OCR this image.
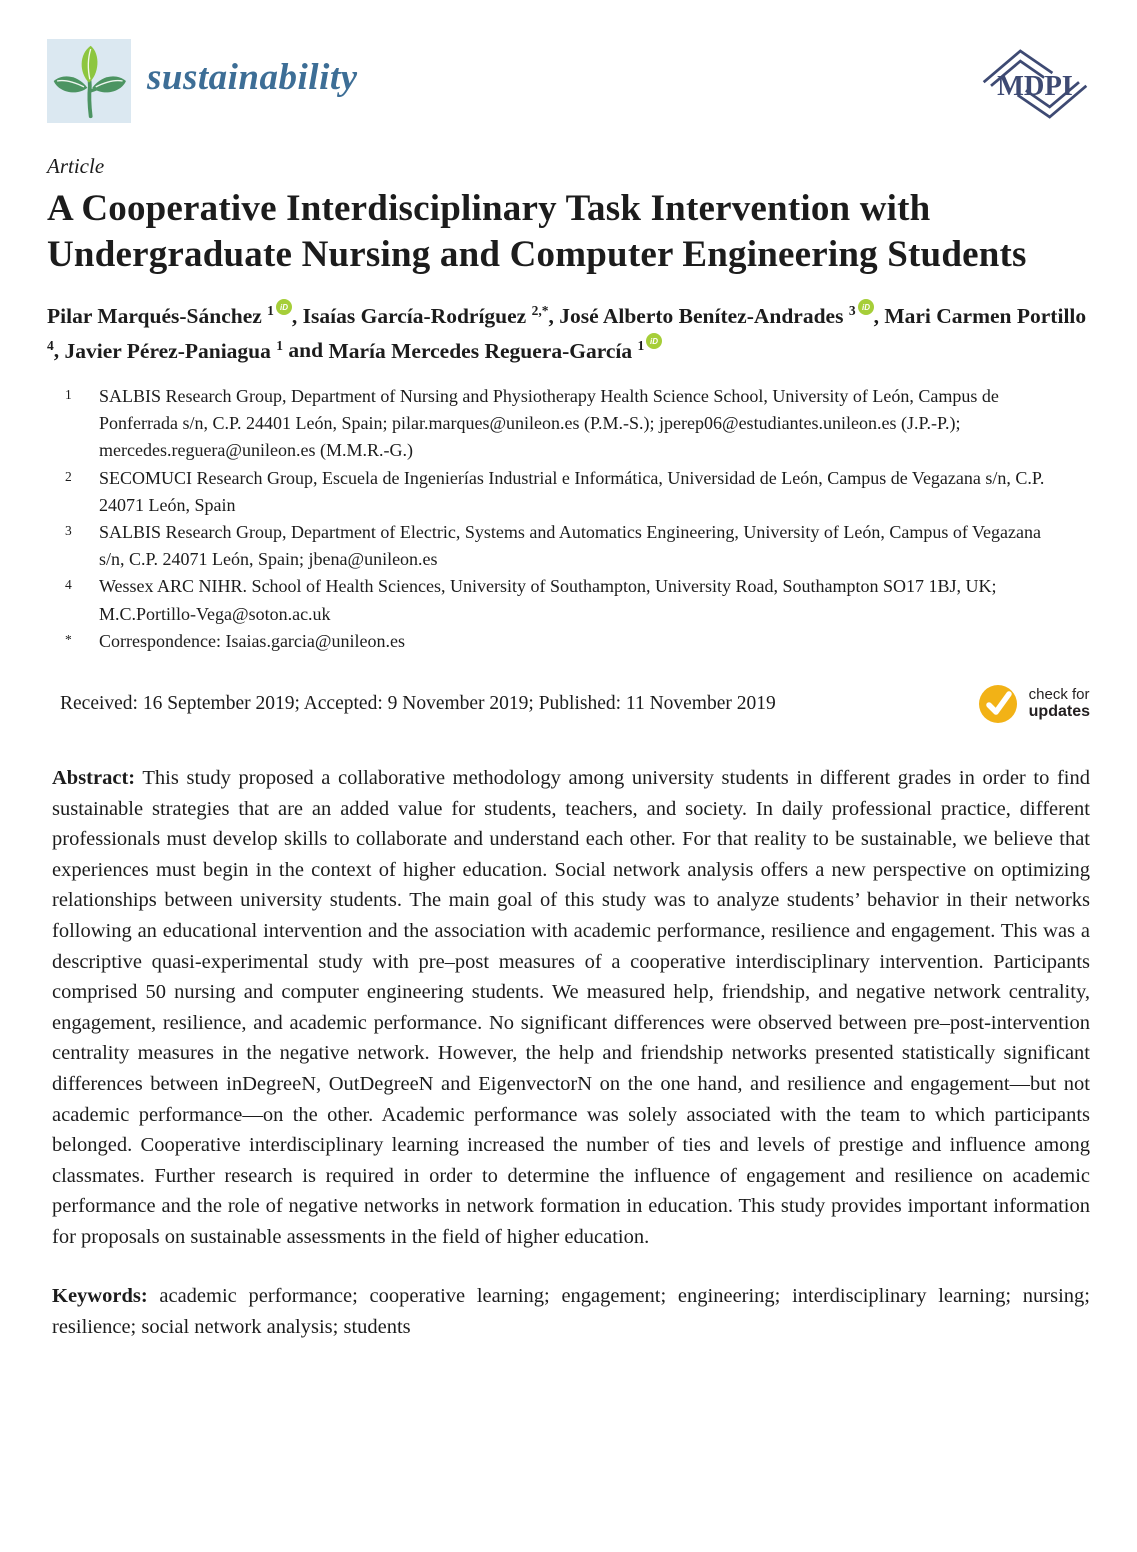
sustainability	MDPI
Article
A Cooperative Interdisciplinary Task Intervention with Undergraduate Nursing and Computer Engineering Students
Pilar Marqués-Sánchez $^1$ iD , Isaías García-Rodríguez $^{2,*}$, José Alberto Benítez-Andrades $^3$ iD , Mari Carmen Portillo $^4$, Javier Pérez-Paniagua $^1$ and María Mercedes Reguera-García $^1$ iD
1	SALBIS Research Group, Department of Nursing and Physiotherapy Health Science School, University of León, Campus de Ponferrada s/n, C.P. 24401 León, Spain; pilar.marques@unileon.es (P.M.-S.); jperep06@estudiantes.unileon.es (J.P.-P.); mercedes.reguera@unileon.es (M.M.R.-G.)
2	SECOMUCI Research Group, Escuela de Ingenierías Industrial e Informática, Universidad de León, Campus de Vegazana s/n, C.P. 24071 León, Spain
3	SALBIS Research Group, Department of Electric, Systems and Automatics Engineering, University of León, Campus of Vegazana s/n, C.P. 24071 León, Spain; jbena@unileon.es
4	Wessex ARC NIHR. School of Health Sciences, University of Southampton, University Road, Southampton SO17 1BJ, UK; M.C.Portillo-Vega@soton.ac.uk
*	Correspondence: Isaias.garcia@unileon.es
Received: 16 September 2019; Accepted: 9 November 2019; Published: 11 November 2019	check for
updates

Abstract: This study proposed a collaborative methodology among university students in different grades in order to find sustainable strategies that are an added value for students, teachers, and society. In daily professional practice, different professionals must develop skills to collaborate and understand each other. For that reality to be sustainable, we believe that experiences must begin in the context of higher education. Social network analysis offers a new perspective on optimizing relationships between university students. The main goal of this study was to analyze students’ behavior in their networks following an educational intervention and the association with academic performance, resilience and engagement. This was a descriptive quasi-experimental study with pre–post measures of a cooperative interdisciplinary intervention. Participants comprised 50 nursing and computer engineering students. We measured help, friendship, and negative network centrality, engagement, resilience, and academic performance. No significant differences were observed between pre–post-intervention centrality measures in the negative network. However, the help and friendship networks presented statistically significant differences between inDegreeN, OutDegreeN and EigenvectorN on the one hand, and resilience and engagement—but not academic performance—on the other. Academic performance was solely associated with the team to which participants belonged. Cooperative interdisciplinary learning increased the number of ties and levels of prestige and influence among classmates. Further research is required in order to determine the influence of engagement and resilience on academic performance and the role of negative networks in network formation in education. This study provides important information for proposals on sustainable assessments in the field of higher education.

Keywords: academic performance; cooperative learning; engagement; engineering; interdisciplinary learning; nursing; resilience; social network analysis; students
